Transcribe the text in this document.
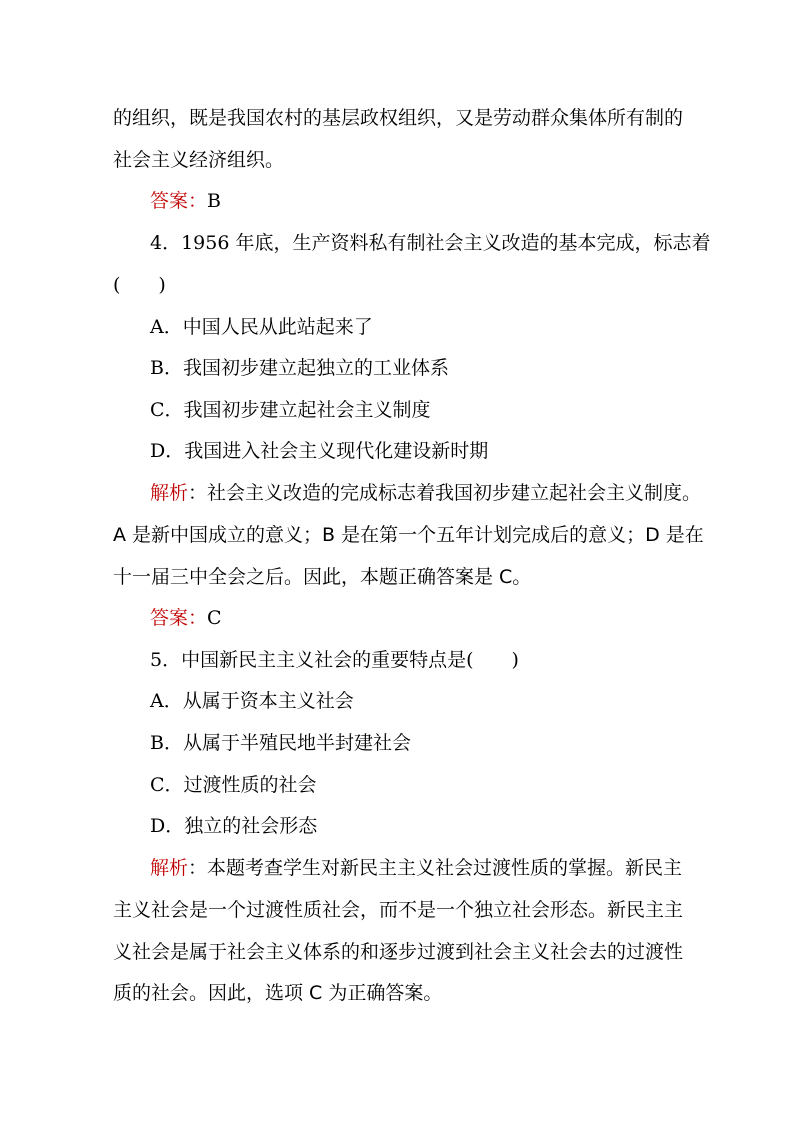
的组织，既是我国农村的基层政权组织，又是劳动群众集体所有制的
社会主义经济组织。
答案：B
4．1956 年底，生产资料私有制社会主义改造的基本完成，标志着
(　　)
A．中国人民从此站起来了
B．我国初步建立起独立的工业体系
C．我国初步建立起社会主义制度
D．我国进入社会主义现代化建设新时期
解析：社会主义改造的完成标志着我国初步建立起社会主义制度。
A 是新中国成立的意义；B 是在第一个五年计划完成后的意义；D 是在
十一届三中全会之后。因此，本题正确答案是 C。
答案：C
5．中国新民主主义社会的重要特点是(　　)
A．从属于资本主义社会
B．从属于半殖民地半封建社会
C．过渡性质的社会
D．独立的社会形态
解析：本题考查学生对新民主主义社会过渡性质的掌握。新民主
主义社会是一个过渡性质社会，而不是一个独立社会形态。新民主主
义社会是属于社会主义体系的和逐步过渡到社会主义社会去的过渡性
质的社会。因此，选项 C 为正确答案。
